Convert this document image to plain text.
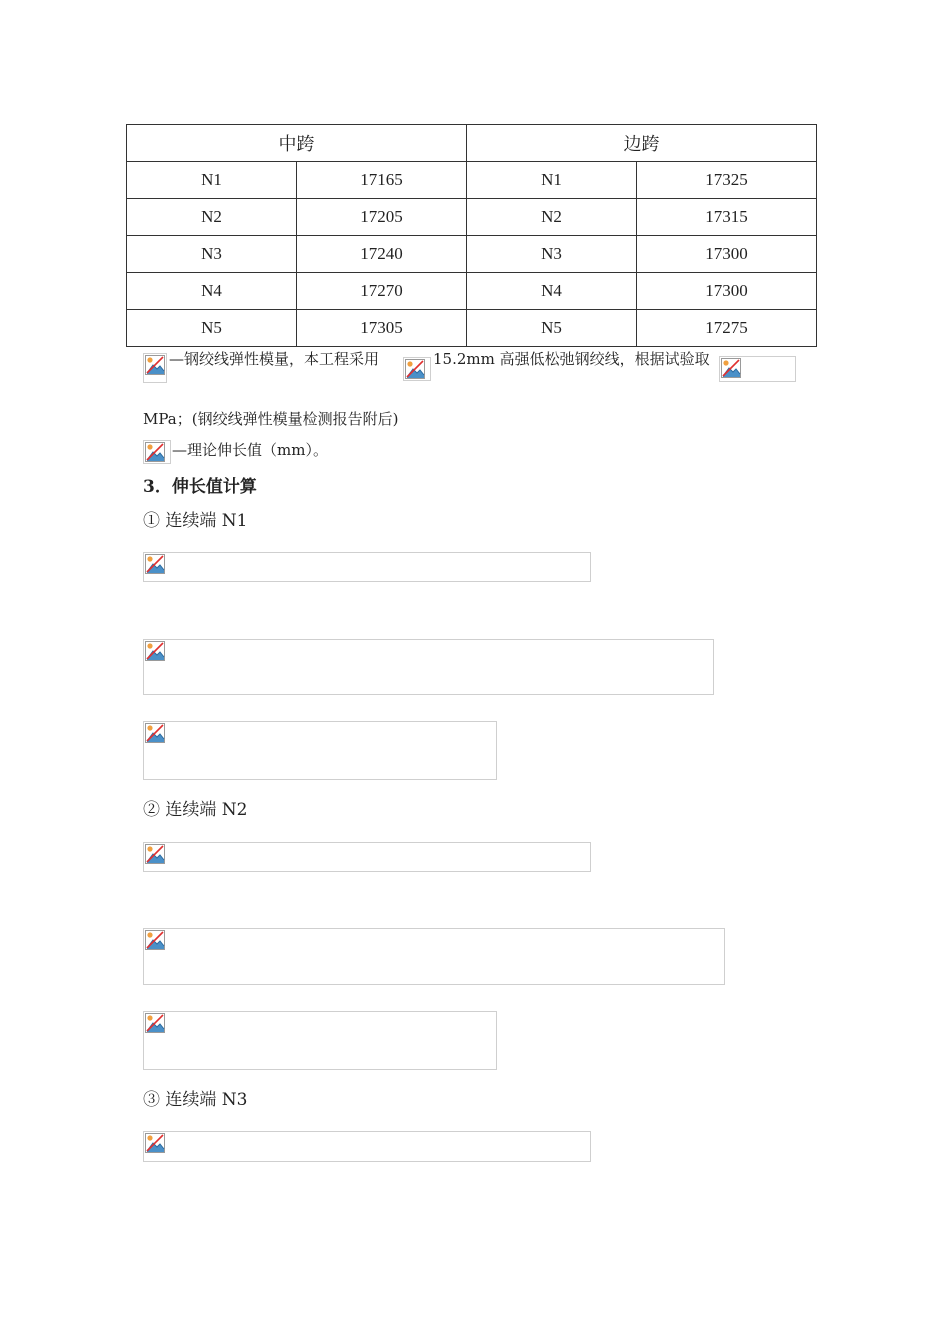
中跨		边跨	
N1	17165	N1	17325
N2	17205	N2	17315
N3	17240	N3	17300
N4	17270	N4	17300
N5	17305	N5	17275
—钢绞线弹性模量，本工程采用	15.2mm 高强低松弛钢绞线，根据试验取
MPa；(钢绞线弹性模量检测报告附后)
—理论伸长值（mm）。
3．伸长值计算
① 连续端 N1
② 连续端 N2
③ 连续端 N3
